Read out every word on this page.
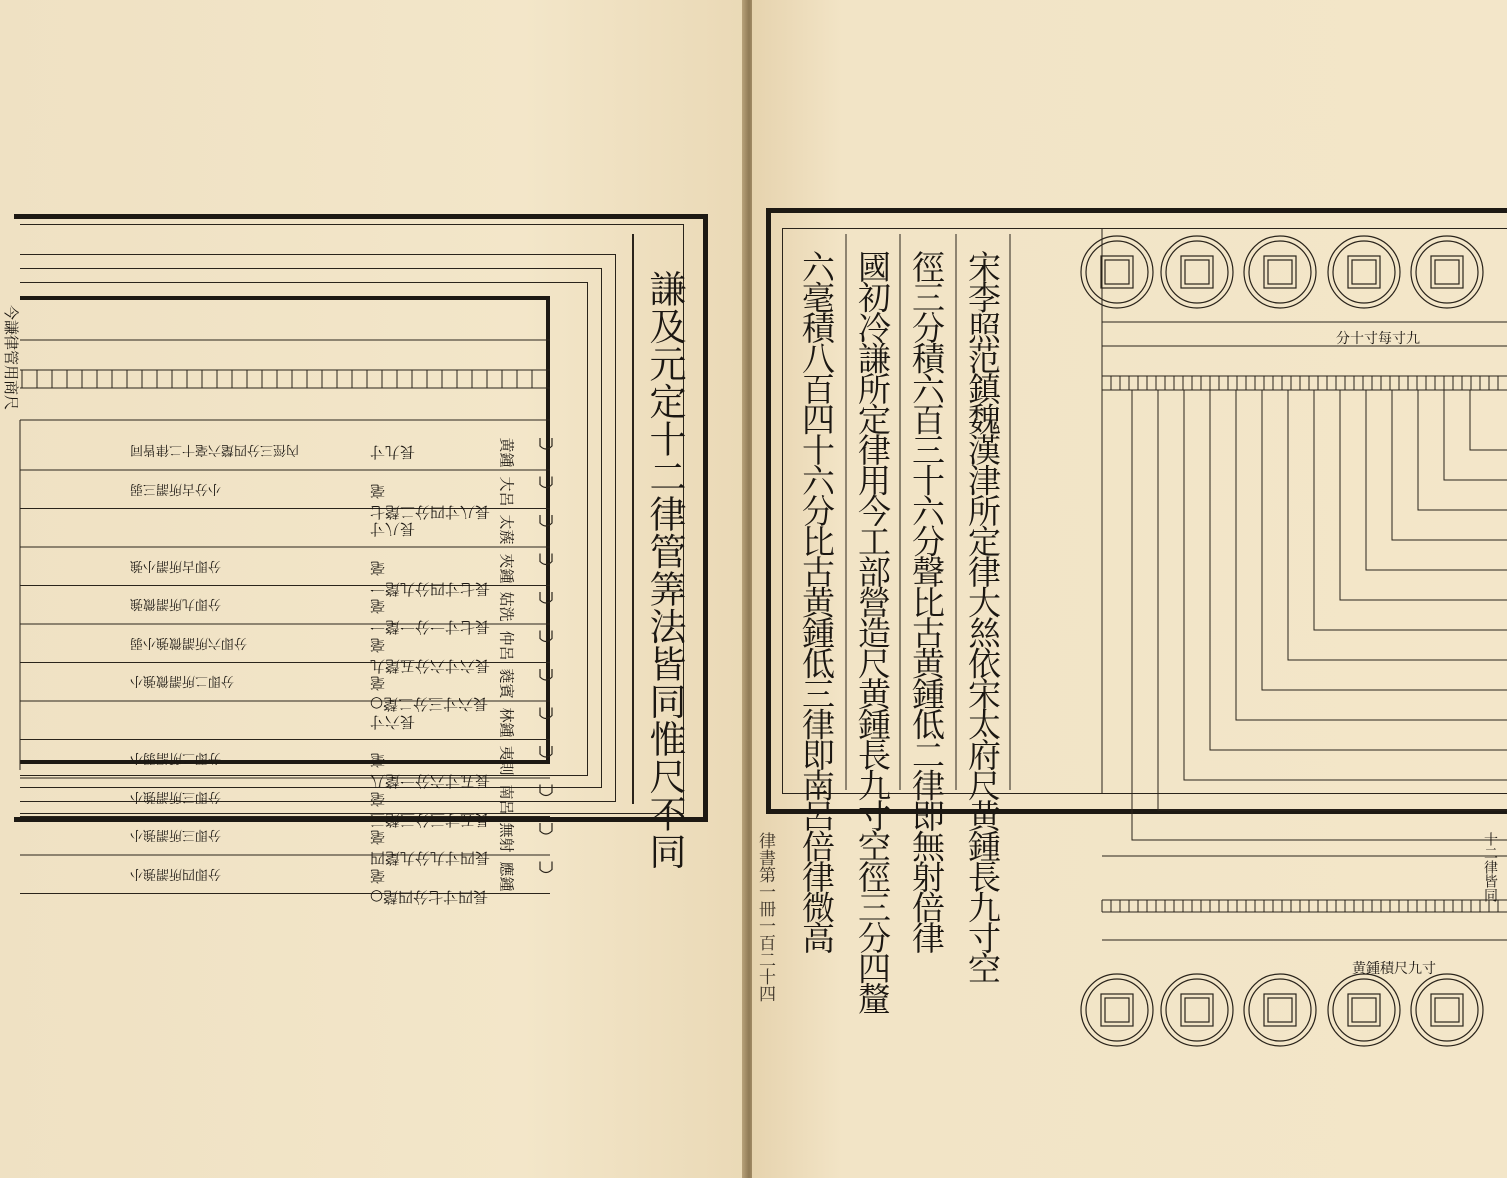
謙及元定十二律管筭法皆同惟尺不同
今謙律管用商尺
黄鍾
長九寸
內徑三分四氂六毫十二律皆同
大呂
長八寸四分二氂七毫
小分古所謂三弱
太蔟
長八寸
夾鍾
長七寸四分九氂一毫
分即古所謂小強
姑洗
長七寸一分一氂一毫
分即九所謂微強
仲呂
長六寸六分五氂九毫
分即六所謂微強小弱
蕤賓
長六寸三分二氂○毫
分即二所謂微強小
林鍾
長六寸
夷則
長五寸六分一氂八毫
分即二所謂弱小
南呂
長五寸三分三氂三毫
分即三所謂強小
無射
長四寸九分九氂四毫
分即三所謂強小
應鍾
長四寸七分四氂○毫
分即四所謂強小	宋李照范鎮魏漢津所定律大𢇁依宋太府尺黄鍾長九寸空
徑三分積六百三十六分聲比古黄鍾低二律即無射倍律
國初冷謙所定律用今工部營造尺黄鍾長九寸空徑三分四釐
六毫積八百四十六分比古黄鍾低三律即南呂倍律微高
律書第一冊一百二十四
分十寸每寸九
十二律皆同
黄鍾積尺九寸
